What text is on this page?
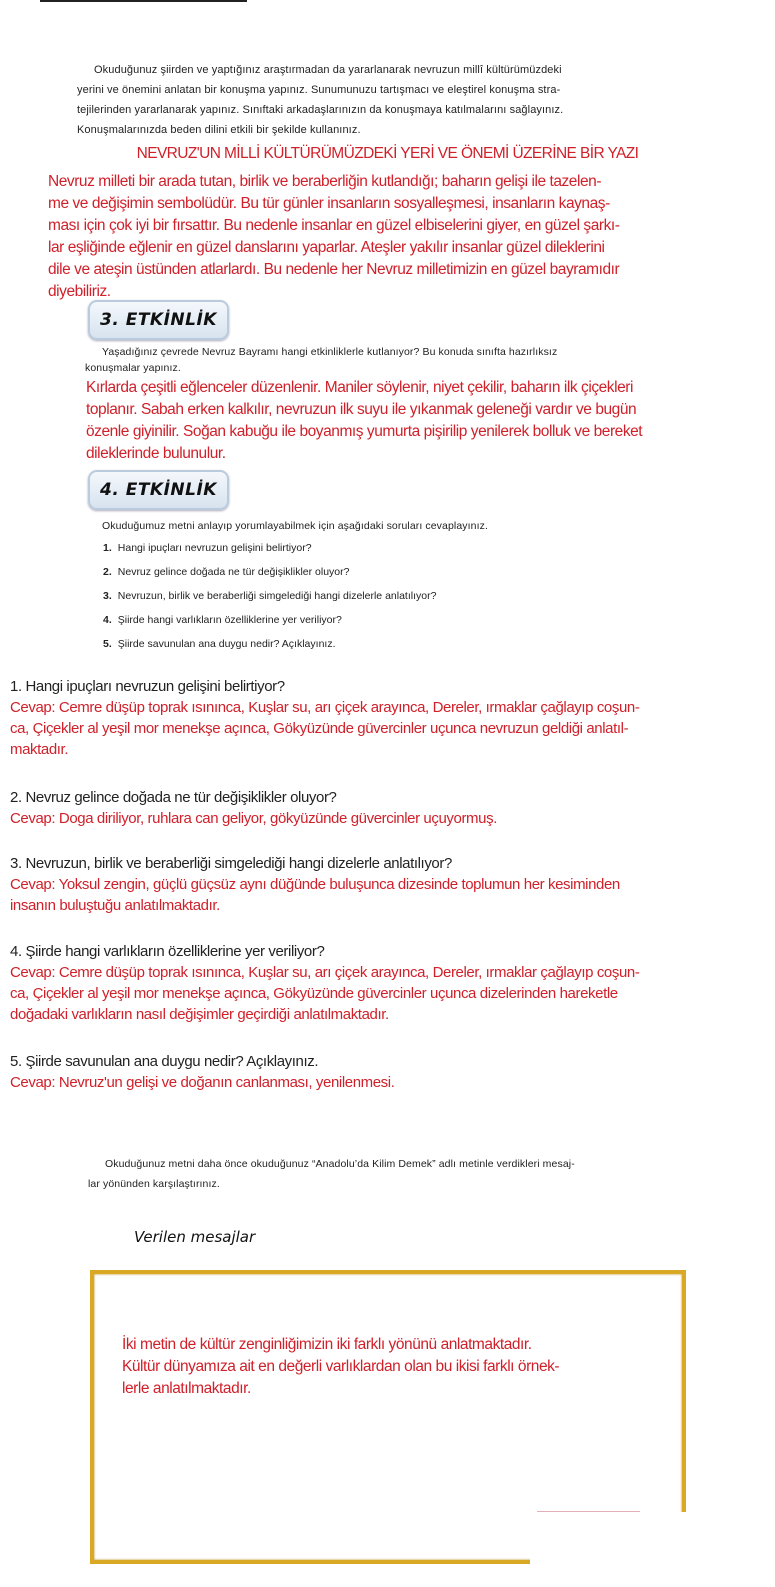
Okuduğunuz şiirden ve yaptığınız araştırmadan da yararlanarak nevruzun millî kültürümüzdeki
yerini ve önemini anlatan bir konuşma yapınız. Sunumunuzu tartışmacı ve eleştirel konuşma stra-
tejilerinden yararlanarak yapınız. Sınıftaki arkadaşlarınızın da konuşmaya katılmalarını sağlayınız.
Konuşmalarınızda beden dilini etkili bir şekilde kullanınız.
NEVRUZ'UN MİLLİ KÜLTÜRÜMÜZDEKİ YERİ VE ÖNEMİ ÜZERİNE BİR YAZI
Nevruz milleti bir arada tutan, birlik ve beraberliğin kutlandığı; baharın gelişi ile tazelen-
me ve değişimin sembolüdür. Bu tür günler insanların sosyalleşmesi, insanların kaynaş-
ması için çok iyi bir fırsattır. Bu nedenle insanlar en güzel elbiselerini giyer, en güzel şarkı-
lar eşliğinde eğlenir en güzel danslarını yaparlar. Ateşler yakılır insanlar güzel dileklerini
dile ve ateşin üstünden atlarlardı. Bu nedenle her Nevruz milletimizin en güzel bayramıdır
diyebiliriz.
3. ETKİNLİK
Yaşadığınız çevrede Nevruz Bayramı hangi etkinliklerle kutlanıyor? Bu konuda sınıfta hazırlıksız
konuşmalar yapınız.
Kırlarda çeşitli eğlenceler düzenlenir. Maniler söylenir, niyet çekilir, baharın ilk çiçekleri
toplanır. Sabah erken kalkılır, nevruzun ilk suyu ile yıkanmak geleneği vardır ve bugün
özenle giyinilir. Soğan kabuğu ile boyanmış yumurta pişirilip yenilerek bolluk ve bereket
dileklerinde bulunulur.
4. ETKİNLİK
Okuduğumuz metni anlayıp yorumlayabilmek için aşağıdaki soruları cevaplayınız.
1. Hangi ipuçları nevruzun gelişini belirtiyor?
2. Nevruz gelince doğada ne tür değişiklikler oluyor?
3. Nevruzun, birlik ve beraberliği simgelediği hangi dizelerle anlatılıyor?
4. Şiirde hangi varlıkların özelliklerine yer veriliyor?
5. Şiirde savunulan ana duygu nedir? Açıklayınız.
1. Hangi ipuçları nevruzun gelişini belirtiyor?
Cevap: Cemre düşüp toprak ısınınca, Kuşlar su, arı çiçek arayınca, Dereler, ırmaklar çağlayıp coşun-
ca, Çiçekler al yeşil mor menekşe açınca, Gökyüzünde güvercinler uçunca nevruzun geldiği anlatıl-
maktadır.
2. Nevruz gelince doğada ne tür değişiklikler oluyor?
Cevap: Doga diriliyor, ruhlara can geliyor, gökyüzünde güvercinler uçuyormuş.
3. Nevruzun, birlik ve beraberliği simgelediği hangi dizelerle anlatılıyor?
Cevap: Yoksul zengin, güçlü güçsüz aynı düğünde buluşunca dizesinde toplumun her kesiminden
insanın buluştuğu anlatılmaktadır.
4. Şiirde hangi varlıkların özelliklerine yer veriliyor?
Cevap: Cemre düşüp toprak ısınınca, Kuşlar su, arı çiçek arayınca, Dereler, ırmaklar çağlayıp coşun-
ca, Çiçekler al yeşil mor menekşe açınca, Gökyüzünde güvercinler uçunca dizelerinden hareketle
doğadaki varlıkların nasıl değişimler geçirdiği anlatılmaktadır.
5. Şiirde savunulan ana duygu nedir? Açıklayınız.
Cevap: Nevruz'un gelişi ve doğanın canlanması, yenilenmesi.
Okuduğunuz metni daha önce okuduğunuz “Anadolu’da Kilim Demek” adlı metinle verdikleri mesaj-
lar yönünden karşılaştırınız.
Verilen mesajlar
İki metin de kültür zenginliğimizin iki farklı yönünü anlatmaktadır.
Kültür dünyamıza ait en değerli varlıklardan olan bu ikisi farklı örnek-
lerle anlatılmaktadır.
